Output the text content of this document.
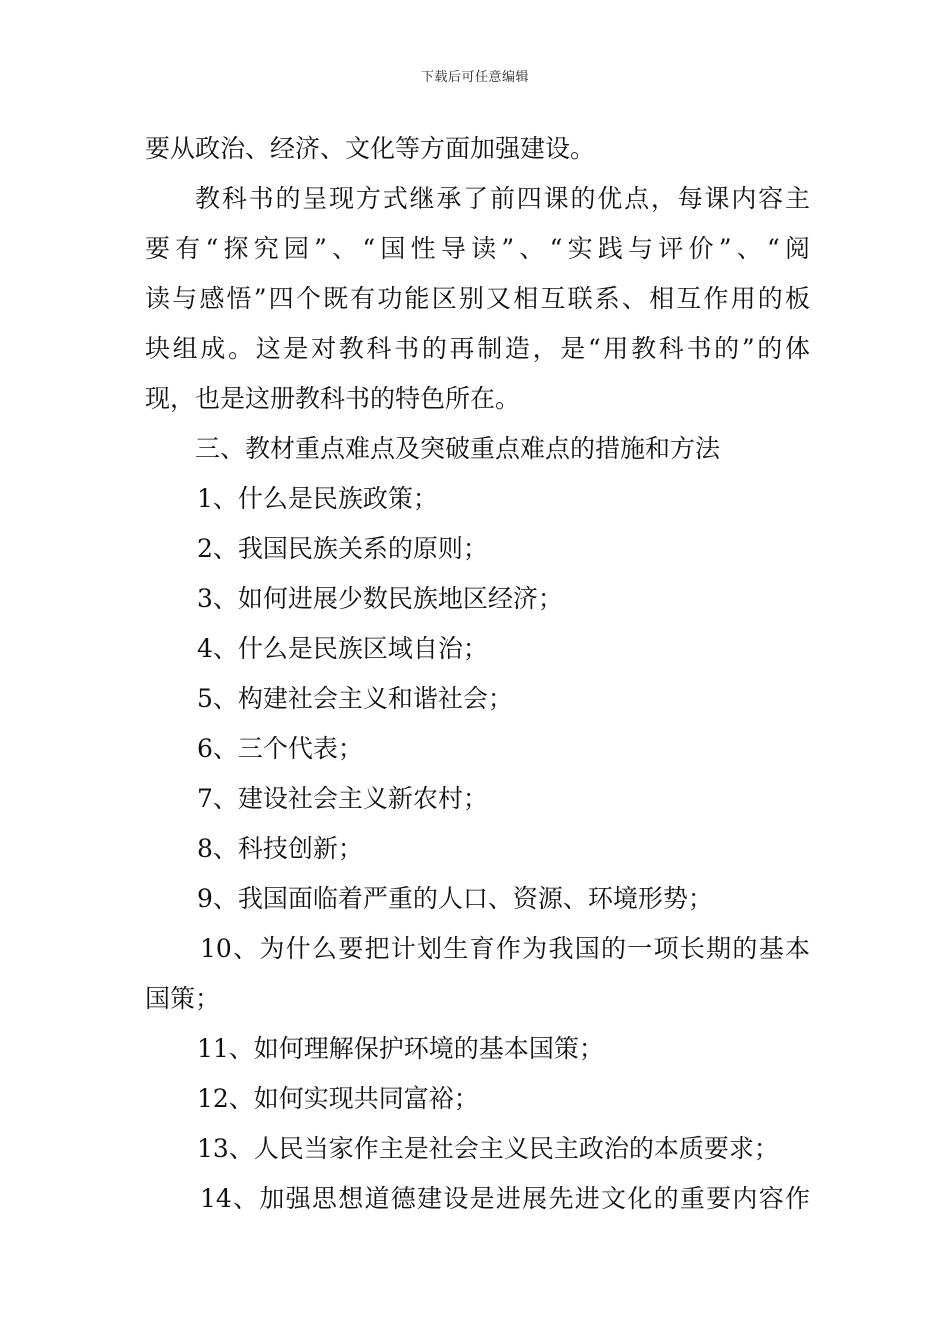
下载后可任意编辑
要从政治、经济、文化等方面加强建设。
教科书的呈现方式继承了前四课的优点，每课内容主
要有“探究园”、“国性导读”、“实践与评价”、“阅
读与感悟”四个既有功能区别又相互联系、相互作用的板
块组成。这是对教科书的再制造，是“用教科书的”的体
现，也是这册教科书的特色所在。
三、教材重点难点及突破重点难点的措施和方法
1、什么是民族政策；
2、我国民族关系的原则；
3、如何进展少数民族地区经济；
4、什么是民族区域自治；
5、构建社会主义和谐社会；
6、三个代表；
7、建设社会主义新农村；
8、科技创新；
9、我国面临着严重的人口、资源、环境形势；
10、为什么要把计划生育作为我国的一项长期的基本
国策；
11、如何理解保护环境的基本国策；
12、如何实现共同富裕；
13、人民当家作主是社会主义民主政治的本质要求；
14、加强思想道德建设是进展先进文化的重要内容作
